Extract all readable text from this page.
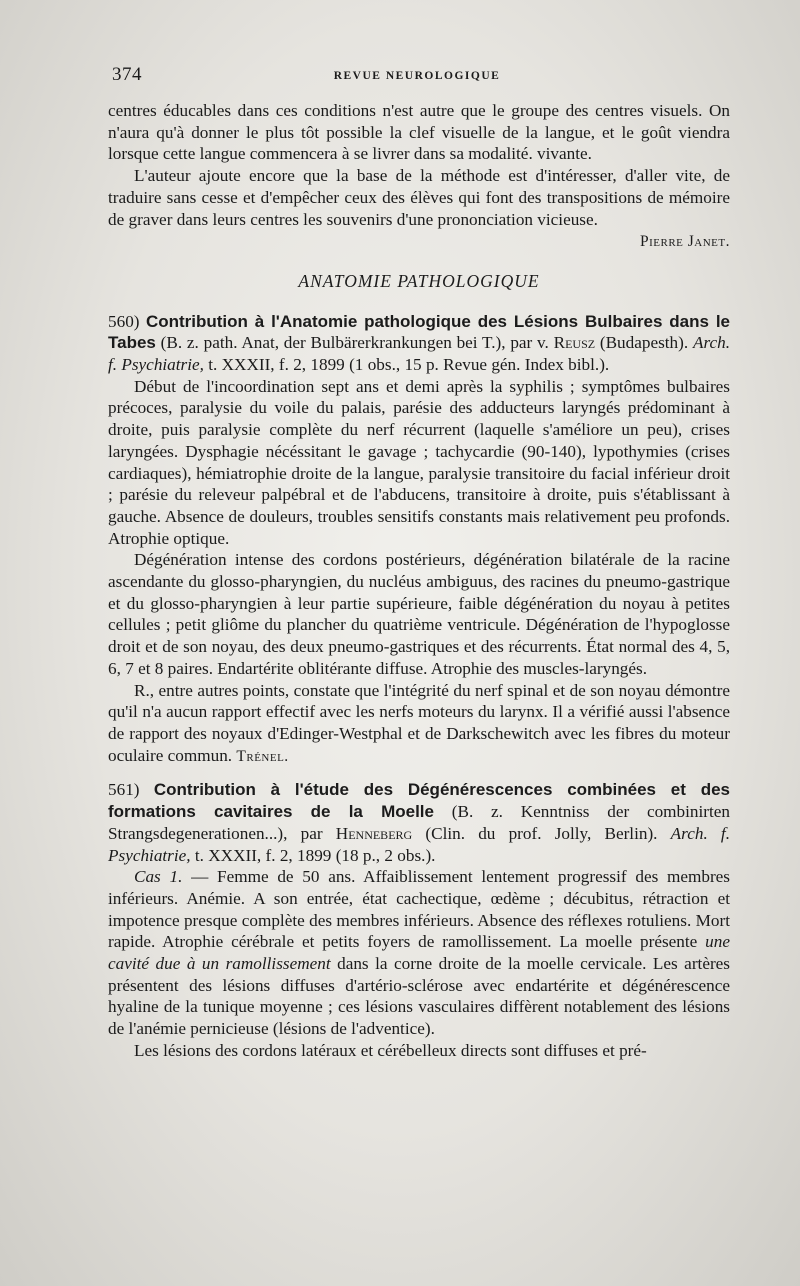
374	REVUE NEUROLOGIQUE

centres éducables dans ces conditions n'est autre que le groupe des centres visuels. On n'aura qu'à donner le plus tôt possible la clef visuelle de la langue, et le goût viendra lorsque cette langue commencera à se livrer dans sa modalité. vivante.

L'auteur ajoute encore que la base de la méthode est d'intéresser, d'aller vite, de traduire sans cesse et d'empêcher ceux des élèves qui font des transpositions de mémoire de graver dans leurs centres les souvenirs d'une prononciation vicieuse.

Pierre Janet.

ANATOMIE PATHOLOGIQUE

560) Contribution à l'Anatomie pathologique des Lésions Bulbaires dans le Tabes (B. z. path. Anat, der Bulbärerkrankungen bei T.), par v. Reusz (Budapesth). Arch. f. Psychiatrie, t. XXXII, f. 2, 1899 (1 obs., 15 p. Revue gén. Index bibl.).

Début de l'incoordination sept ans et demi après la syphilis ; symptômes bulbaires précoces, paralysie du voile du palais, parésie des adducteurs laryngés prédominant à droite, puis paralysie complète du nerf récurrent (laquelle s'améliore un peu), crises laryngées. Dysphagie nécéssitant le gavage ; tachycardie (90-140), lypothymies (crises cardiaques), hémiatrophie droite de la langue, paralysie transitoire du facial inférieur droit ; parésie du releveur palpébral et de l'abducens, transitoire à droite, puis s'établissant à gauche. Absence de douleurs, troubles sensitifs constants mais relativement peu profonds. Atrophie optique.

Dégénération intense des cordons postérieurs, dégénération bilatérale de la racine ascendante du glosso-pharyngien, du nucléus ambiguus, des racines du pneumo-gastrique et du glosso-pharyngien à leur partie supérieure, faible dégénération du noyau à petites cellules ; petit gliôme du plancher du quatrième ventricule. Dégénération de l'hypoglosse droit et de son noyau, des deux pneumo-gastriques et des récurrents. État normal des 4, 5, 6, 7 et 8 paires. Endartérite oblitérante diffuse. Atrophie des muscles-laryngés.

R., entre autres points, constate que l'intégrité du nerf spinal et de son noyau démontre qu'il n'a aucun rapport effectif avec les nerfs moteurs du larynx. Il a vérifié aussi l'absence de rapport des noyaux d'Edinger-Westphal et de Darkschewitch avec les fibres du moteur oculaire commun. Trénel.

561) Contribution à l'étude des Dégénérescences combinées et des formations cavitaires de la Moelle (B. z. Kenntniss der combinirten Strangsdegenerationen...), par Henneberg (Clin. du prof. Jolly, Berlin). Arch. f. Psychiatrie, t. XXXII, f. 2, 1899 (18 p., 2 obs.).

Cas 1. — Femme de 50 ans. Affaiblissement lentement progressif des membres inférieurs. Anémie. A son entrée, état cachectique, œdème ; décubitus, rétraction et impotence presque complète des membres inférieurs. Absence des réflexes rotuliens. Mort rapide. Atrophie cérébrale et petits foyers de ramollissement. La moelle présente une cavité due à un ramollissement dans la corne droite de la moelle cervicale. Les artères présentent des lésions diffuses d'artério-sclérose avec endartérite et dégénérescence hyaline de la tunique moyenne ; ces lésions vasculaires diffèrent notablement des lésions de l'anémie pernicieuse (lésions de l'adventice).

Les lésions des cordons latéraux et cérébelleux directs sont diffuses et pré-
